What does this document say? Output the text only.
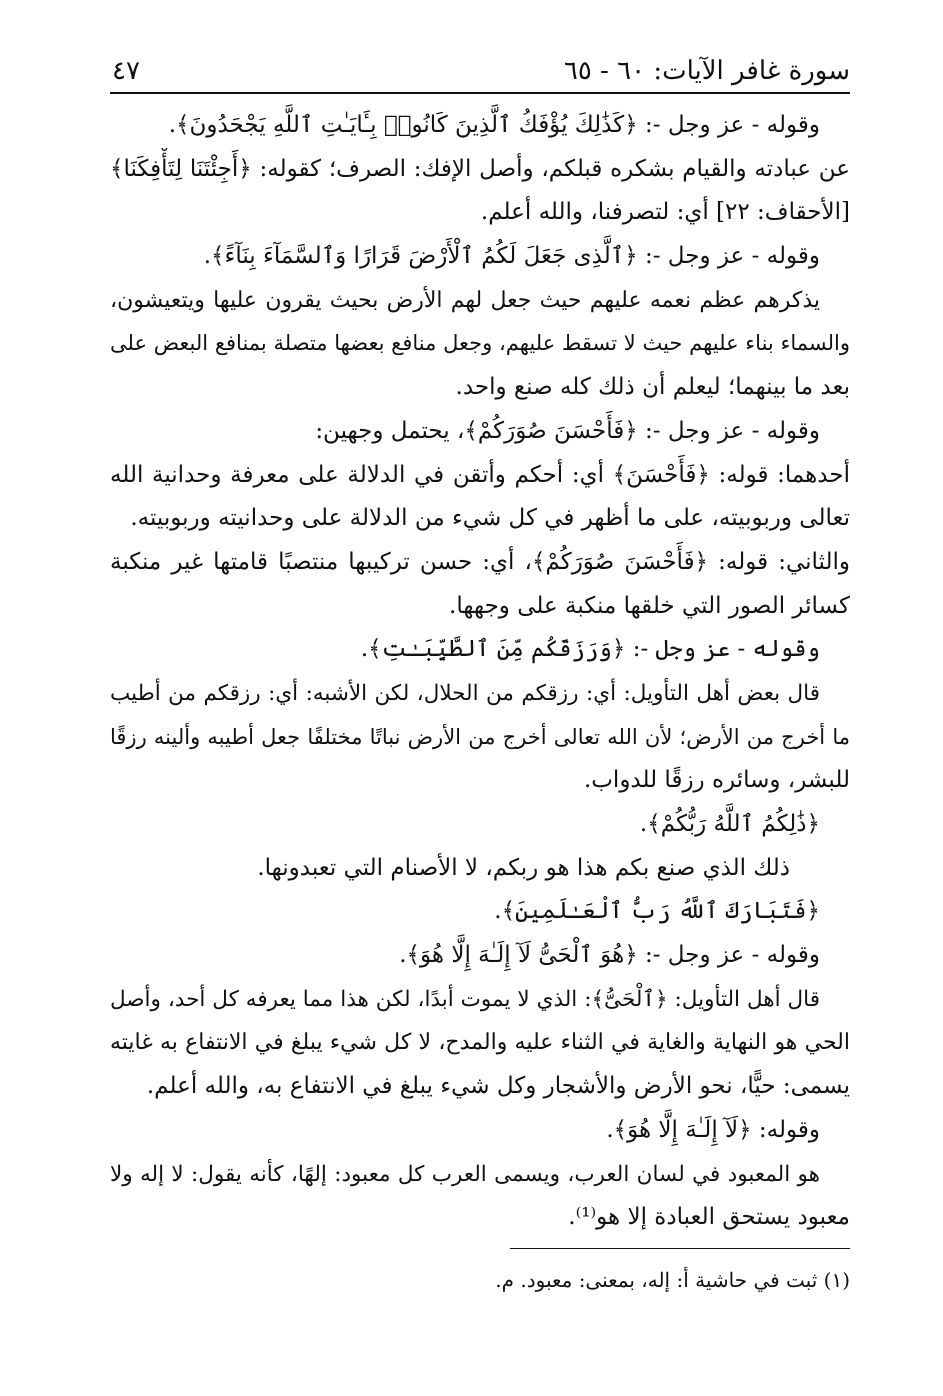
سورة غافر الآيات: ٦٠ - ٦٥
٤٧
وقوله - عز وجل -: ﴿كَذَٰلِكَ يُؤْفَكُ ٱلَّذِينَ كَانُوا۟ بِـَٔايَـٰتِ ٱللَّهِ يَجْحَدُونَ﴾.
عن عبادته والقيام بشكره قبلكم، وأصل الإفك: الصرف؛ كقوله: ﴿أَجِئْتَنَا لِتَأْفِكَنَا﴾
[الأحقاف: ٢٢] أي: لتصرفنا، والله أعلم.
وقوله - عز وجل -: ﴿ٱلَّذِى جَعَلَ لَكُمُ ٱلْأَرْضَ قَرَارًا وَٱلسَّمَآءَ بِنَآءً﴾.
يذكرهم عظم نعمه عليهم حيث جعل لهم الأرض بحيث يقرون عليها ويتعيشون،
والسماء بناء عليهم حيث لا تسقط عليهم، وجعل منافع بعضها متصلة بمنافع البعض على
بعد ما بينهما؛ ليعلم أن ذلك كله صنع واحد.
وقوله - عز وجل -: ﴿فَأَحْسَنَ صُوَرَكُمْ﴾، يحتمل وجهين:
أحدهما: قوله: ﴿فَأَحْسَنَ﴾ أي: أحكم وأتقن في الدلالة على معرفة وحدانية الله
تعالى وربوبيته، على ما أظهر في كل شيء من الدلالة على وحدانيته وربوبيته.
والثاني: قوله: ﴿فَأَحْسَنَ صُوَرَكُمْ﴾، أي: حسن تركيبها منتصبًا قامتها غير منكبة
كسائر الصور التي خلقها منكبة على وجهها.
وقوله - عز وجل -: ﴿وَرَزَقَكُم مِّنَ ٱلطَّيِّبَـٰتِ﴾.
قال بعض أهل التأويل: أي: رزقكم من الحلال، لكن الأشبه: أي: رزقكم من أطيب
ما أخرج من الأرض؛ لأن الله تعالى أخرج من الأرض نباتًا مختلفًا جعل أطيبه وألينه رزقًا
للبشر، وسائره رزقًا للدواب.
﴿ذَٰلِكُمُ ٱللَّهُ رَبُّكُمْ﴾.
ذلك الذي صنع بكم هذا هو ربكم، لا الأصنام التي تعبدونها.
﴿فَتَبَارَكَ ٱللَّهُ رَبُّ ٱلْعَـٰلَمِينَ﴾.
وقوله - عز وجل -: ﴿هُوَ ٱلْحَىُّ لَآ إِلَـٰهَ إِلَّا هُوَ﴾.
قال أهل التأويل: ﴿ٱلْحَىُّ﴾: الذي لا يموت أبدًا، لكن هذا مما يعرفه كل أحد، وأصل
الحي هو النهاية والغاية في الثناء عليه والمدح، لا كل شيء يبلغ في الانتفاع به غايته
يسمى: حيًّا، نحو الأرض والأشجار وكل شيء يبلغ في الانتفاع به، والله أعلم.
وقوله: ﴿لَآ إِلَـٰهَ إِلَّا هُوَ﴾.
هو المعبود في لسان العرب، ويسمى العرب كل معبود: إلهًا، كأنه يقول: لا إله ولا
معبود يستحق العبادة إلا هو⁽¹⁾.
(١) ثبت في حاشية أ: إله، بمعنى: معبود. م.
